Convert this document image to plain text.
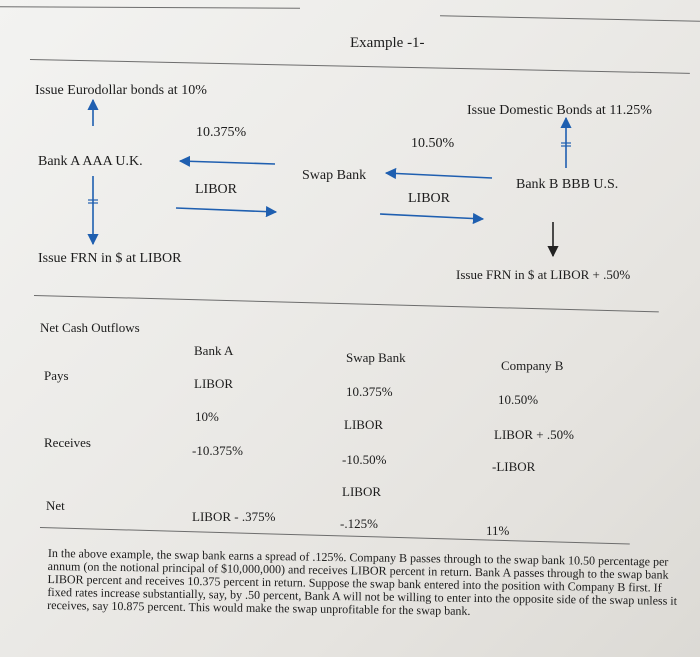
Example -1-
Issue Eurodollar bonds at 10%
Issue Domestic Bonds at 11.25%
10.375%
10.50%
Bank A AAA U.K.
Swap Bank
Bank B BBB U.S.
LIBOR
LIBOR
Issue FRN in $ at LIBOR
Issue FRN in $ at LIBOR + .50%
Net Cash Outflows
Pays
Receives
Net
Bank A	Swap Bank
Company B
LIBOR
10%
-10.375%
LIBOR - .375%
10.375%
LIBOR
-10.50%
LIBOR
-.125%
10.50%
LIBOR + .50%
-LIBOR
11%
In the above example, the swap bank earns a spread of .125%. Company B passes through to the swap bank 10.50 percentage per annum (on the notional principal of $10,000,000) and receives LIBOR percent in return. Bank A passes through to the swap bank LIBOR percent and receives 10.375 percent in return. Suppose the swap bank entered into the position with Company B first. If fixed rates increase substantially, say, by .50 percent, Bank A will not be willing to enter into the opposite side of the swap unless it receives, say 10.875 percent. This would make the swap unprofitable for the swap bank.
